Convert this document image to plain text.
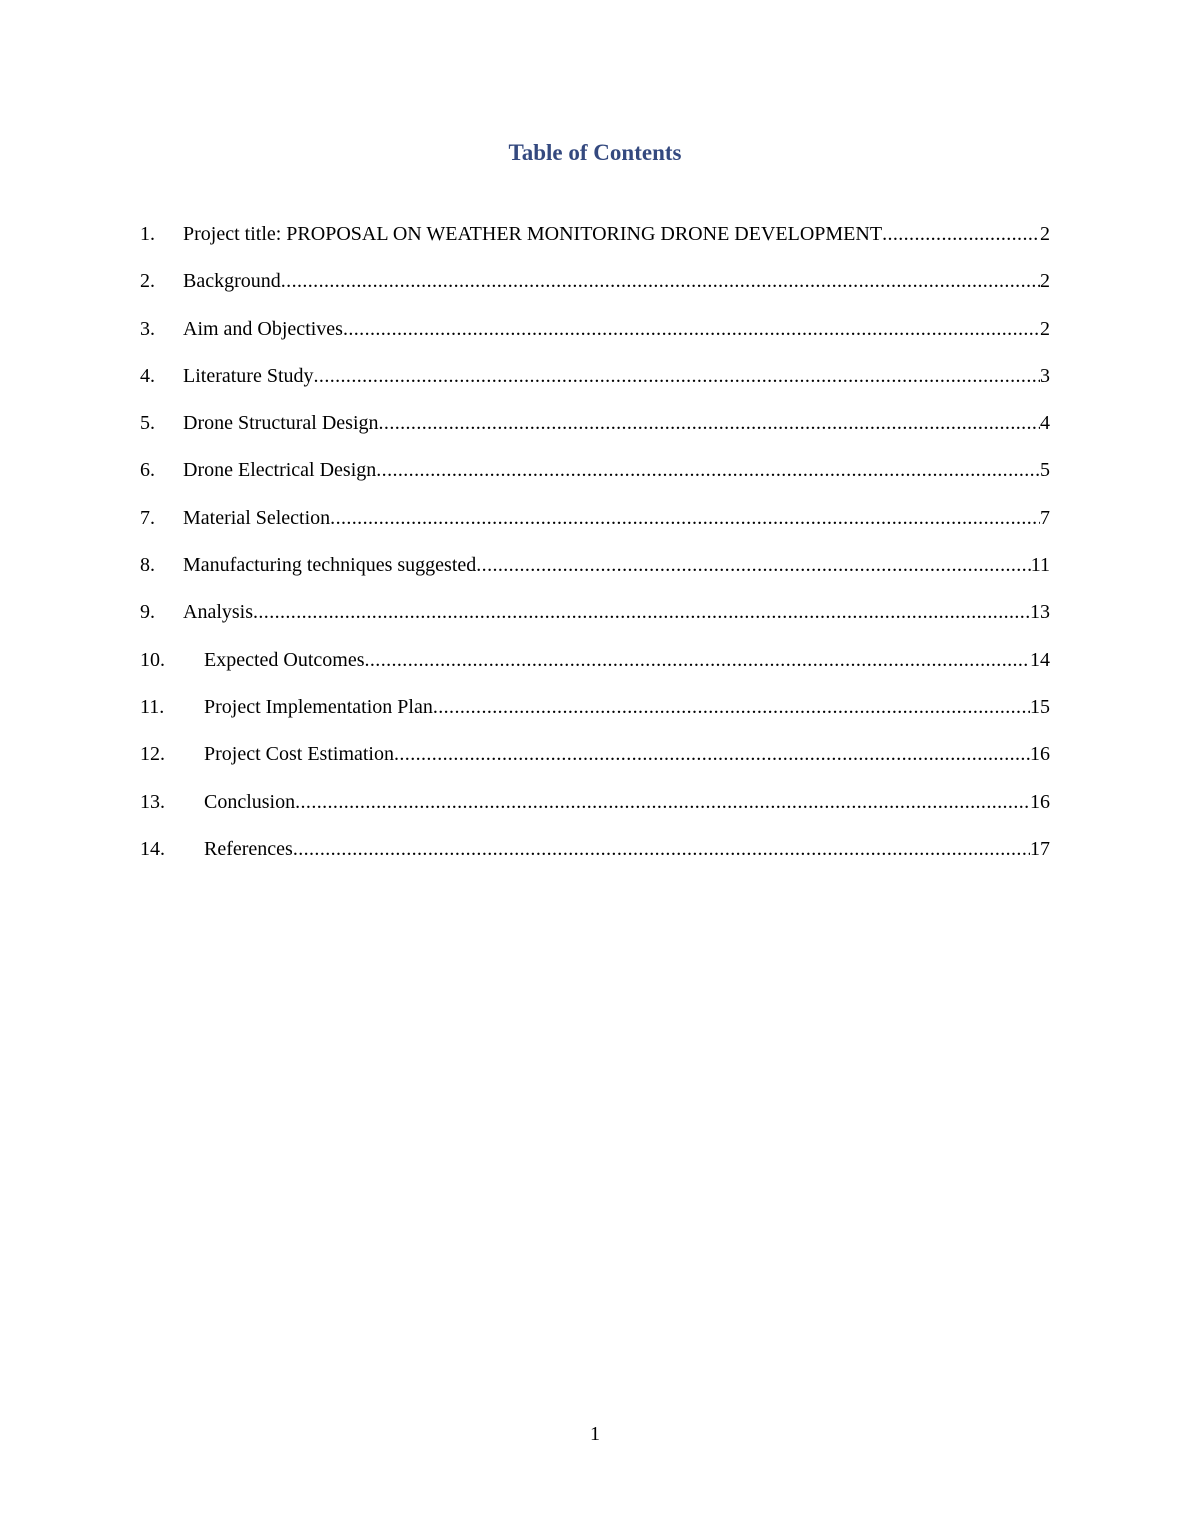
Table of Contents
1.	Project title: PROPOSAL ON WEATHER MONITORING DRONE DEVELOPMENT .....	2
2.	Background .....	2
3.	Aim and Objectives .....	2
4.	Literature Study .....	3
5.	Drone Structural Design .....	4
6.	Drone Electrical Design .....	5
7.	Material Selection .....	7
8.	Manufacturing techniques suggested .....	11
9.	Analysis .....	13
10.	Expected Outcomes .....	14
11.	Project Implementation Plan .....	15
12.	Project Cost Estimation .....	16
13.	Conclusion .....	16
14.	References .....	17
1
